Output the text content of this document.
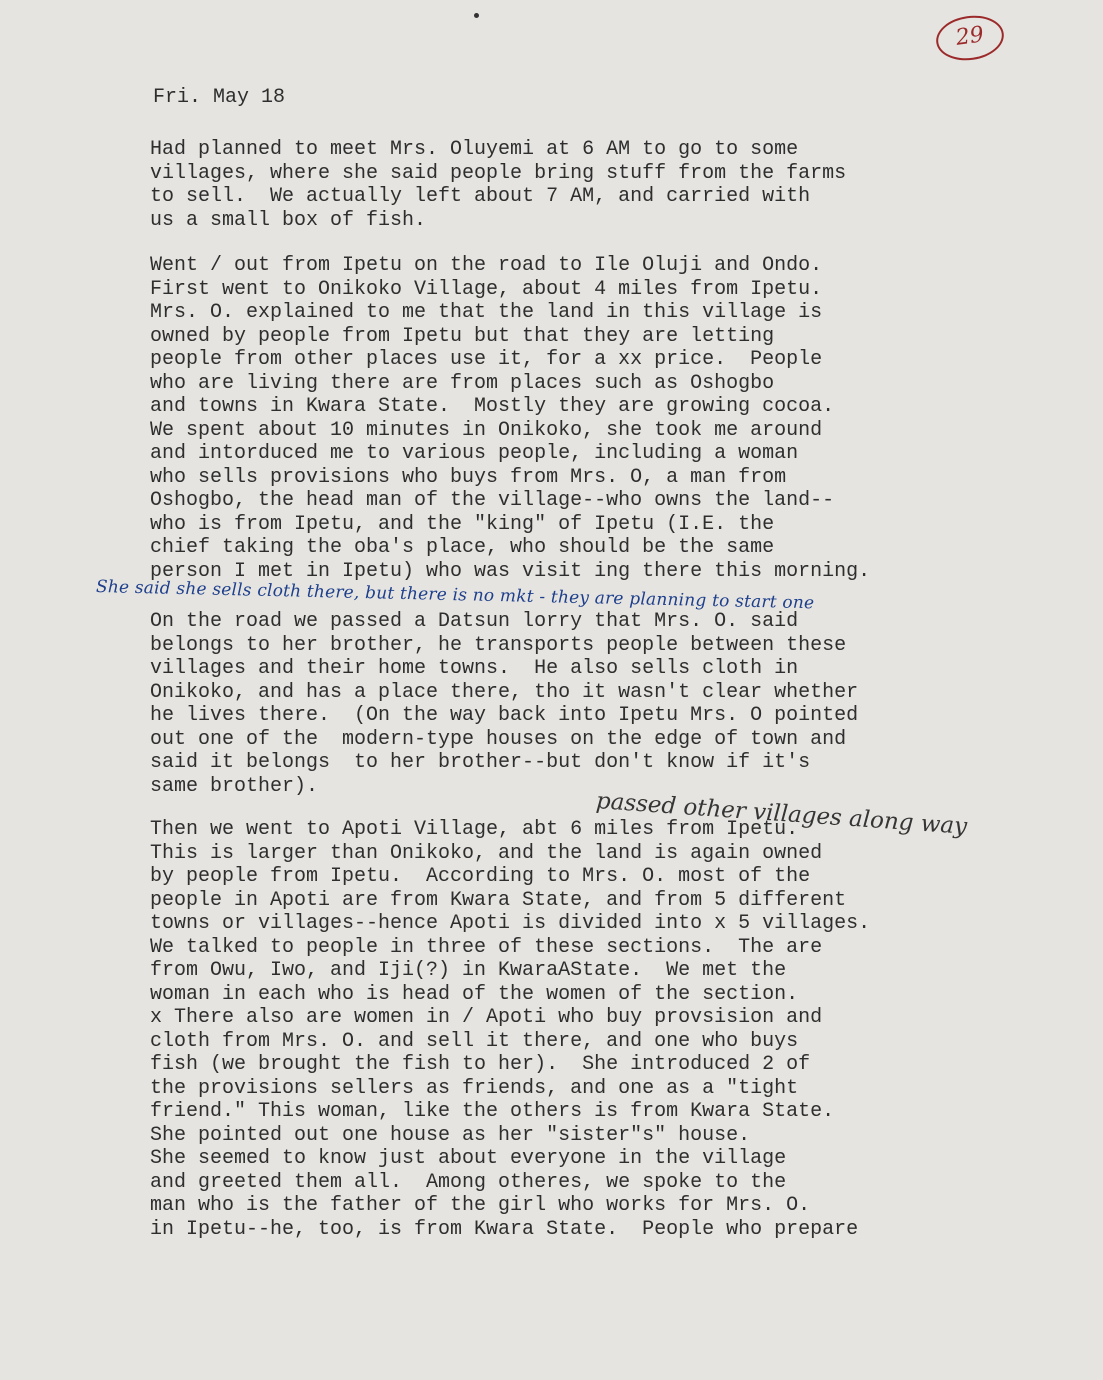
29
Fri. May 18
Had planned to meet Mrs. Oluyemi at 6 AM to go to some
villages, where she said people bring stuff from the farms
to sell.  We actually left about 7 AM, and carried with
us a small box of fish.
Went / out from Ipetu on the road to Ile Oluji and Ondo.
First went to Onikoko Village, about 4 miles from Ipetu.
Mrs. O. explained to me that the land in this village is
owned by people from Ipetu but that they are letting
people from other places use it, for a xx price.  People
who are living there are from places such as Oshogbo
and towns in Kwara State.  Mostly they are growing cocoa.
We spent about 10 minutes in Onikoko, she took me around
and intorduced me to various people, including a woman
who sells provisions who buys from Mrs. O, a man from
Oshogbo, the head man of the village--who owns the land--
who is from Ipetu, and the "king" of Ipetu (I.E. the
chief taking the oba's place, who should be the same
person I met in Ipetu) who was visit ing there this morning.
She said she sells cloth there, but there is no mkt - they are planning to start one
On the road we passed a Datsun lorry that Mrs. O. said
belongs to her brother, he transports people between these
villages and their home towns.  He also sells cloth in
Onikoko, and has a place there, tho it wasn't clear whether
he lives there.  (On the way back into Ipetu Mrs. O pointed
out one of the  modern-type houses on the edge of town and
said it belongs  to her brother--but don't know if it's
same brother).
passed other villages along way
Then we went to Apoti Village, abt 6 miles from Ipetu.
This is larger than Onikoko, and the land is again owned
by people from Ipetu.  According to Mrs. O. most of the
people in Apoti are from Kwara State, and from 5 different
towns or villages--hence Apoti is divided into x 5 villages.
We talked to people in three of these sections.  The are
from Owu, Iwo, and Iji(?) in KwaraAState.  We met the
woman in each who is head of the women of the section.
x There also are women in / Apoti who buy provsision and
cloth from Mrs. O. and sell it there, and one who buys
fish (we brought the fish to her).  She introduced 2 of
the provisions sellers as friends, and one as a "tight
friend." This woman, like the others is from Kwara State.
She pointed out one house as her "sister"s" house.
She seemed to know just about everyone in the village
and greeted them all.  Among otheres, we spoke to the
man who is the father of the girl who works for Mrs. O.
in Ipetu--he, too, is from Kwara State.  People who prepare
